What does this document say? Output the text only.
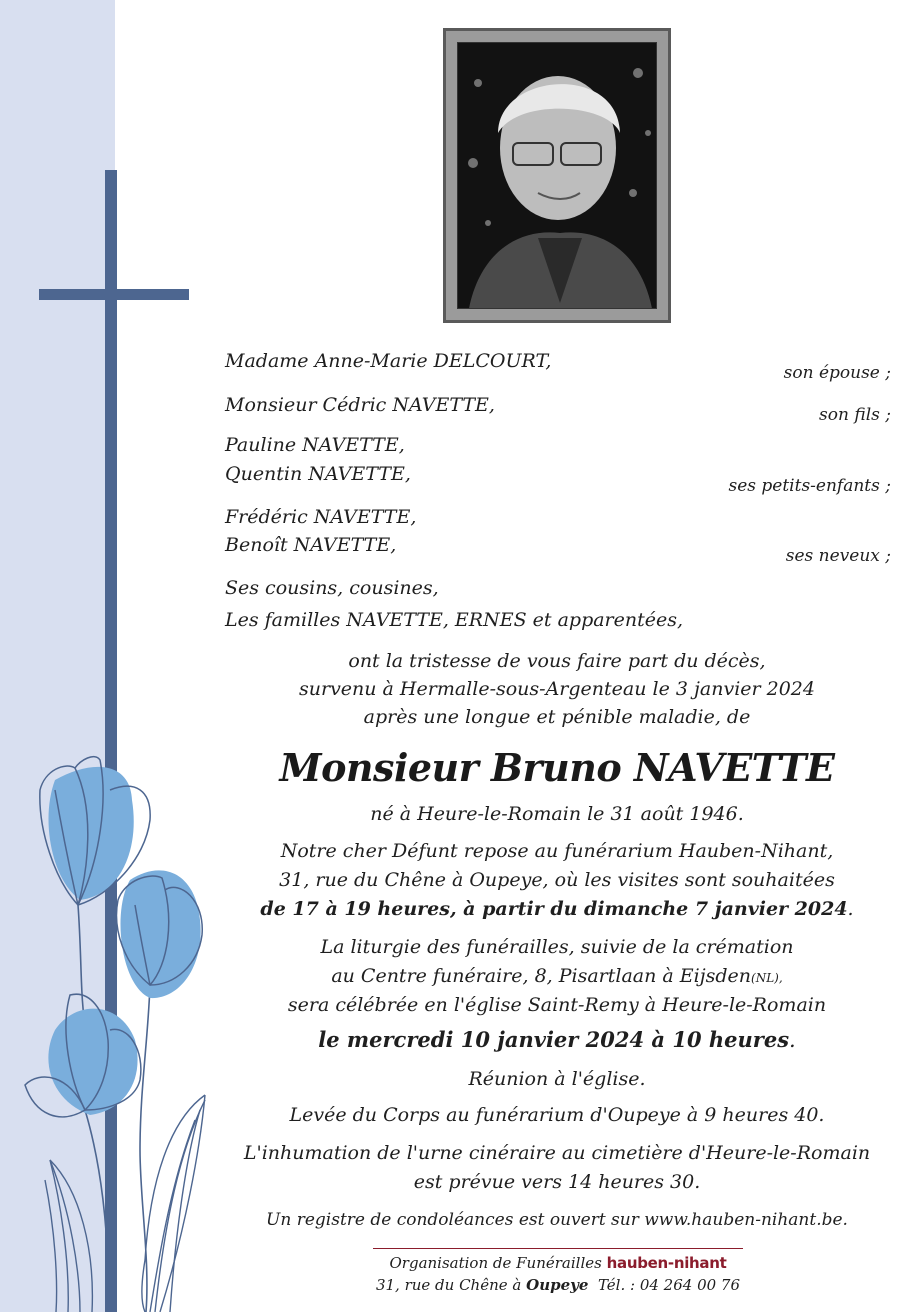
Madame Anne-Marie DELCOURT,
son épouse ;
Monsieur Cédric NAVETTE,	son fils ;
Pauline NAVETTE,
Quentin NAVETTE,
ses petits-enfants ;
Frédéric NAVETTE,
Benoît NAVETTE,	ses neveux ;
Ses cousins, cousines,
Les familles NAVETTE, ERNES et apparentées,
ont la tristesse de vous faire part du décès,
survenu à Hermalle-sous-Argenteau le 3 janvier 2024
après une longue et pénible maladie, de
Monsieur Bruno NAVETTE
né à Heure-le-Romain le 31 août 1946.
Notre cher Défunt repose au funérarium Hauben-Nihant,
31, rue du Chêne à Oupeye, où les visites sont souhaitées
de 17 à 19 heures, à partir du dimanche 7 janvier 2024.
La liturgie des funérailles, suivie de la crémation
au Centre funéraire, 8, Pisartlaan à Eijsden(NL),
sera célébrée en l'église Saint-Remy à Heure-le-Romain
le mercredi 10 janvier 2024 à 10 heures.
Réunion à l'église.
Levée du Corps au funérarium d'Oupeye à 9 heures 40.
L'inhumation de l'urne cinéraire au cimetière d'Heure-le-Romain
est prévue vers 14 heures 30.
Un registre de condoléances est ouvert sur www.hauben-nihant.be.
Organisation de Funérailles hauben-nihant
31, rue du Chêne à Oupeye Tél. : 04 264 00 76
